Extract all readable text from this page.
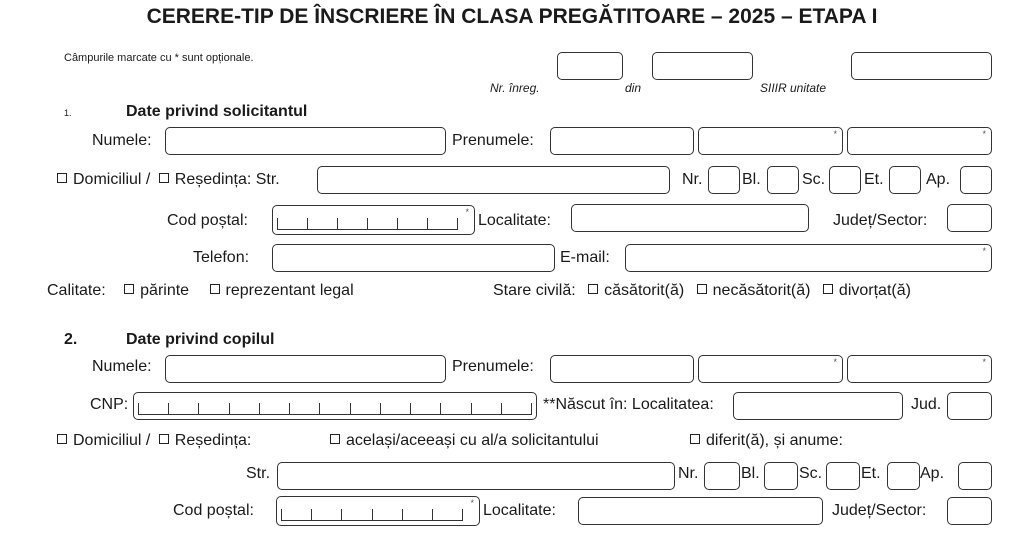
CERERE-TIP DE ÎNSCRIERE ÎN CLASA PREGĂTITOARE – 2025 – ETAPA I
Câmpurile marcate cu * sunt opționale.
Nr. înreg.	din	SIIIR unitate
1.	Date privind solicitantul
Numele:	Prenumele:	*	*
Domiciliul / Reședința: Str.	Nr. Bl.	Sc. Et.	Ap.
Cod poștal:	* Localitate:	Județ/Sector:
Telefon:	E-mail:	*
Calitate: părinte reprezentant legal	Stare civilă: căsătorit(ă) necăsătorit(ă) divorțat(ă)
2.	Date privind copilul
Numele:	Prenumele:	*	*
CNP:	**Născut în: Localitatea:	Jud.
Domiciliul / Reședința:	același/aceeași cu al/a solicitantului	diferit(ă), și anume:
Str.	Nr.	Bl. Sc. Et. Ap.
Cod poștal:	* Localitate:	Județ/Sector:
